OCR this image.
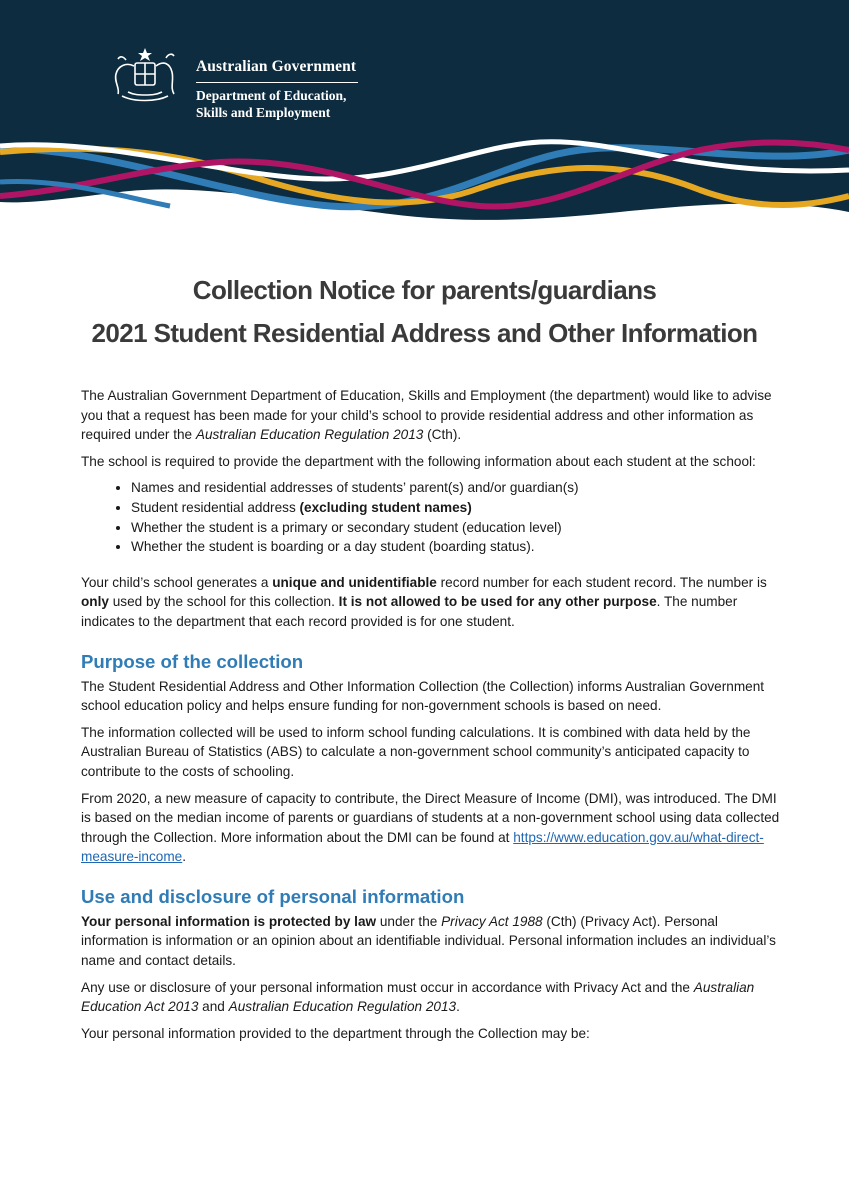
Australian Government
Department of Education,
Skills and Employment
Collection Notice for parents/guardians
2021 Student Residential Address and Other Information

The Australian Government Department of Education, Skills and Employment (the department) would like to advise you that a request has been made for your child’s school to provide residential address and other information as required under the Australian Education Regulation 2013 (Cth).

The school is required to provide the department with the following information about each student at the school:

• Names and residential addresses of students’ parent(s) and/or guardian(s)
• Student residential address (excluding student names)
• Whether the student is a primary or secondary student (education level)
• Whether the student is boarding or a day student (boarding status).

Your child’s school generates a unique and unidentifiable record number for each student record. The number is only used by the school for this collection. It is not allowed to be used for any other purpose. The number indicates to the department that each record provided is for one student.

Purpose of the collection

The Student Residential Address and Other Information Collection (the Collection) informs Australian Government school education policy and helps ensure funding for non-government schools is based on need.

The information collected will be used to inform school funding calculations. It is combined with data held by the Australian Bureau of Statistics (ABS) to calculate a non-government school community’s anticipated capacity to contribute to the costs of schooling.

From 2020, a new measure of capacity to contribute, the Direct Measure of Income (DMI), was introduced. The DMI is based on the median income of parents or guardians of students at a non-government school using data collected through the Collection. More information about the DMI can be found at https://www.education.gov.au/what-direct-measure-income.

Use and disclosure of personal information

Your personal information is protected by law under the Privacy Act 1988 (Cth) (Privacy Act). Personal information is information or an opinion about an identifiable individual. Personal information includes an individual’s name and contact details.

Any use or disclosure of your personal information must occur in accordance with Privacy Act and the Australian Education Act 2013 and Australian Education Regulation 2013.

Your personal information provided to the department through the Collection may be:
